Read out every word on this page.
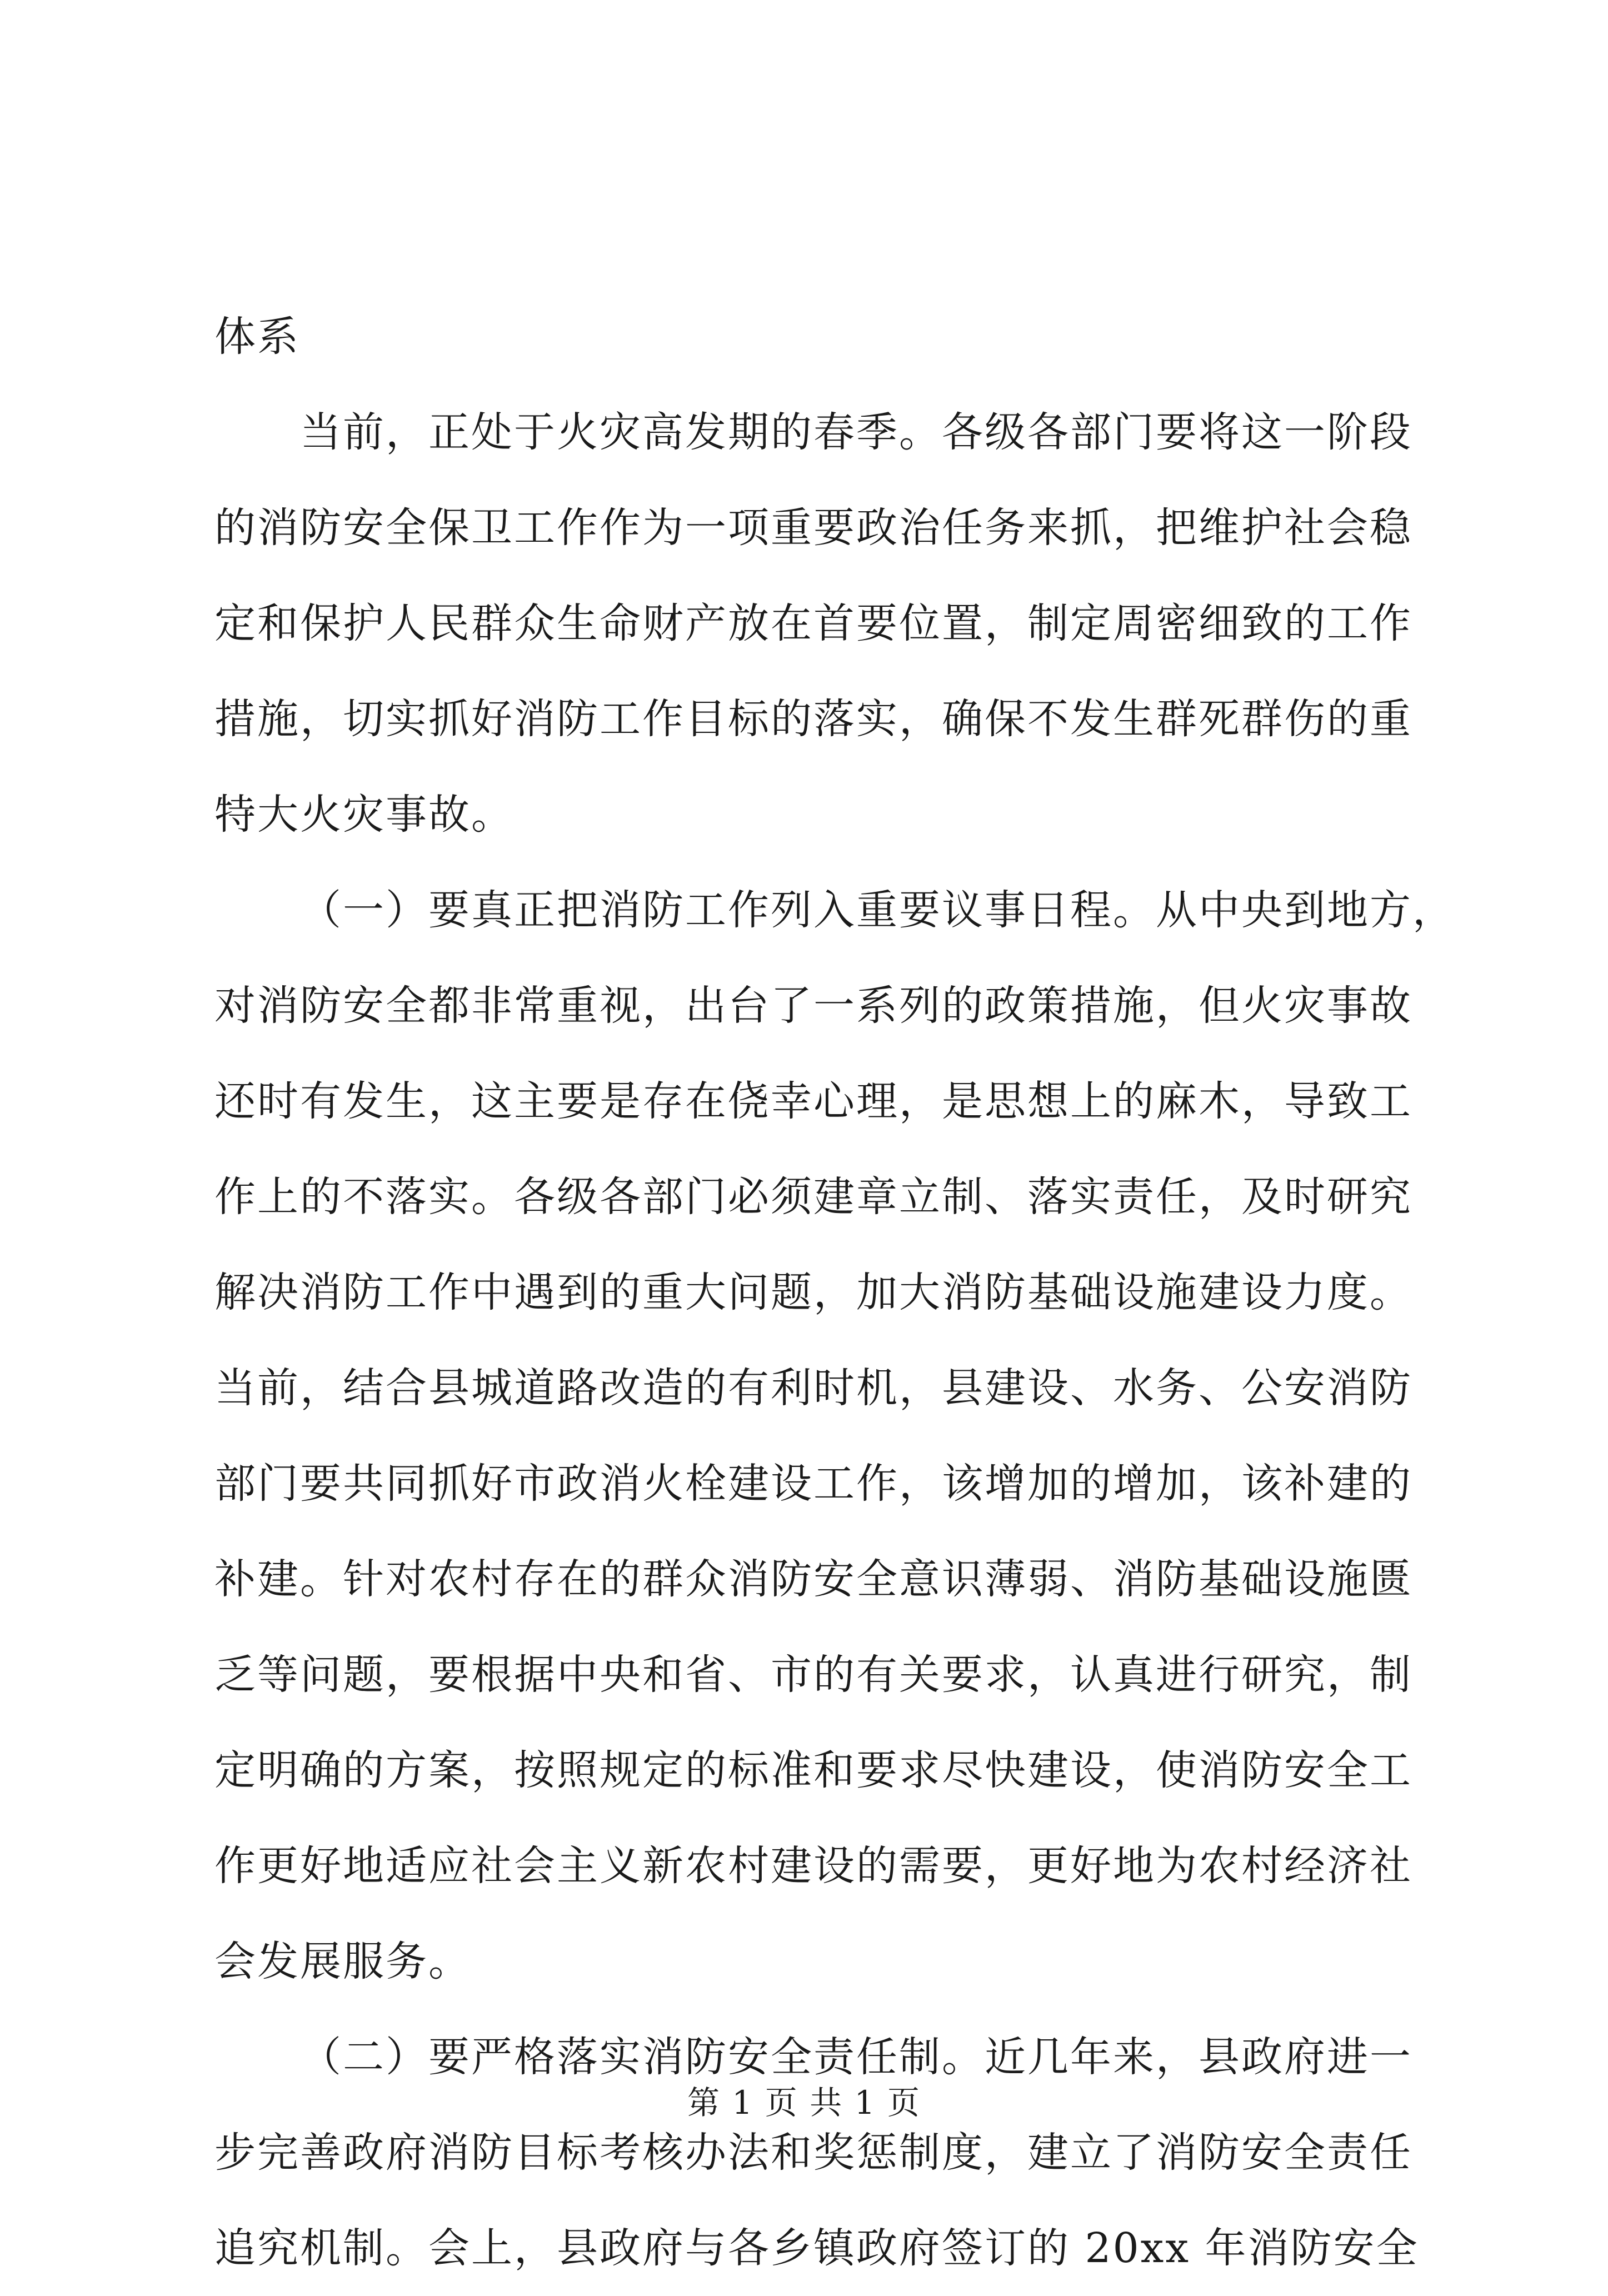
体系
当前，正处于火灾高发期的春季。各级各部门要将这一阶段
的消防安全保卫工作作为一项重要政治任务来抓，把维护社会稳
定和保护人民群众生命财产放在首要位置，制定周密细致的工作
措施，切实抓好消防工作目标的落实，确保不发生群死群伤的重
特大火灾事故。
（一）要真正把消防工作列入重要议事日程。从中央到地方，
对消防安全都非常重视，出台了一系列的政策措施，但火灾事故
还时有发生，这主要是存在侥幸心理，是思想上的麻木，导致工
作上的不落实。各级各部门必须建章立制、落实责任，及时研究
解决消防工作中遇到的重大问题，加大消防基础设施建设力度。
当前，结合县城道路改造的有利时机，县建设、水务、公安消防
部门要共同抓好市政消火栓建设工作，该增加的增加，该补建的
补建。针对农村存在的群众消防安全意识薄弱、消防基础设施匮
乏等问题，要根据中央和省、市的有关要求，认真进行研究，制
定明确的方案，按照规定的标准和要求尽快建设，使消防安全工
作更好地适应社会主义新农村建设的需要，更好地为农村经济社
会发展服务。
（二）要严格落实消防安全责任制。近几年来，县政府进一
步完善政府消防目标考核办法和奖惩制度，建立了消防安全责任
追究机制。会上，县政府与各乡镇政府签订的 20xx 年消防安全
第 1 页 共 1 页
